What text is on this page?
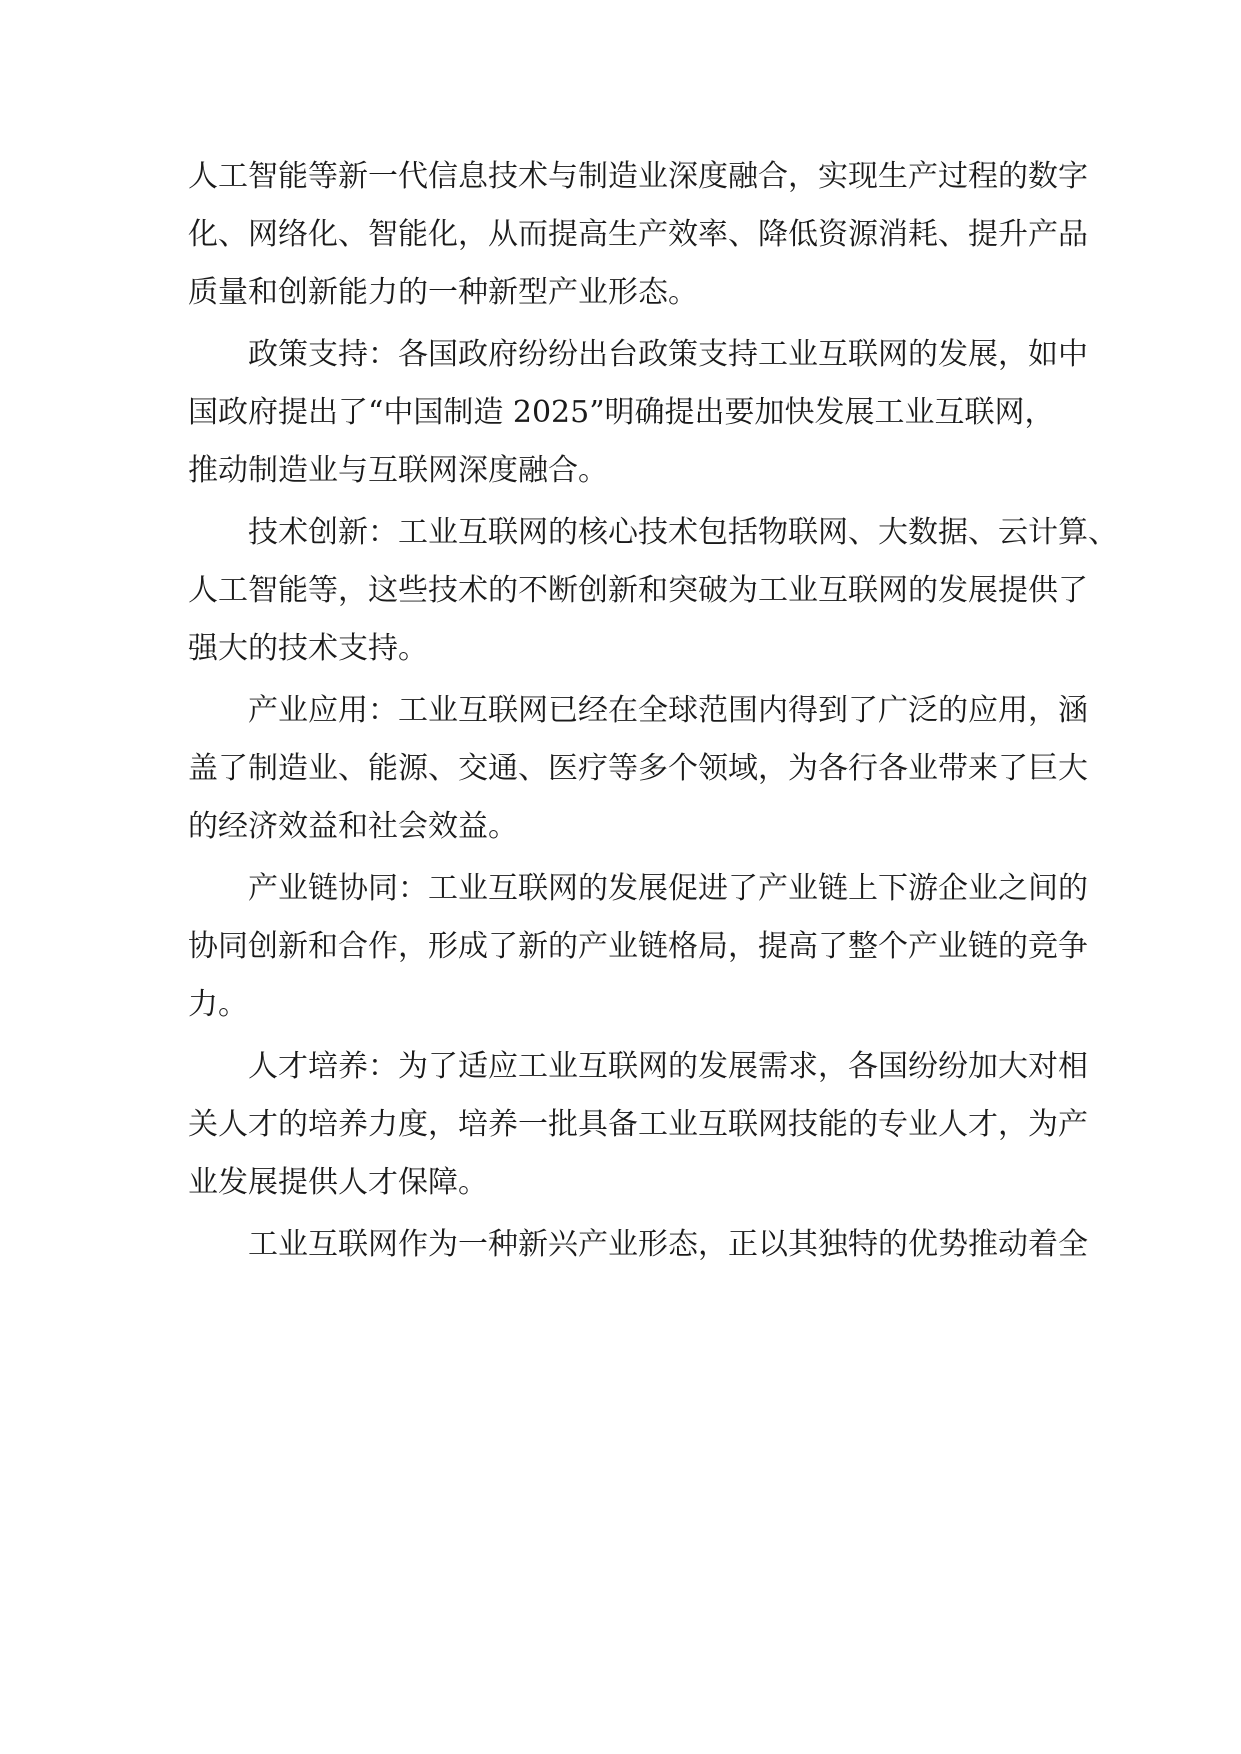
人工智能等新一代信息技术与制造业深度融合，实现生产过程的数字
化、网络化、智能化，从而提高生产效率、降低资源消耗、提升产品
质量和创新能力的一种新型产业形态。
政策支持：各国政府纷纷出台政策支持工业互联网的发展，如中
国政府提出了“中国制造 2025”明确提出要加快发展工业互联网，
推动制造业与互联网深度融合。
技术创新：工业互联网的核心技术包括物联网、大数据、云计算、
人工智能等，这些技术的不断创新和突破为工业互联网的发展提供了
强大的技术支持。
产业应用：工业互联网已经在全球范围内得到了广泛的应用，涵
盖了制造业、能源、交通、医疗等多个领域，为各行各业带来了巨大
的经济效益和社会效益。
产业链协同：工业互联网的发展促进了产业链上下游企业之间的
协同创新和合作，形成了新的产业链格局，提高了整个产业链的竞争
力。
人才培养：为了适应工业互联网的发展需求，各国纷纷加大对相
关人才的培养力度，培养一批具备工业互联网技能的专业人才，为产
业发展提供人才保障。
工业互联网作为一种新兴产业形态，正以其独特的优势推动着全
